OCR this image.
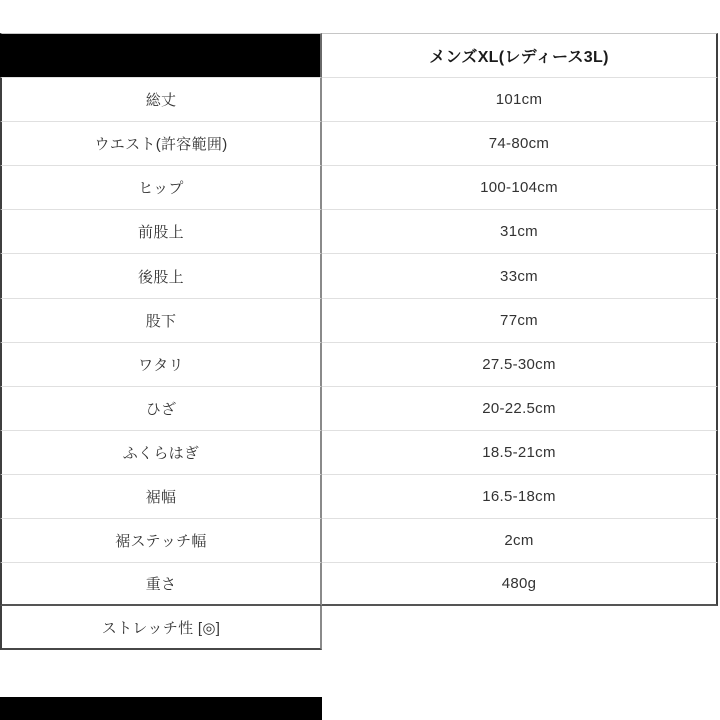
メンズXL(レディース3L)
総丈	101cm
ウエスト(許容範囲)	74-80cm
ヒップ	100-104cm
前股上	31cm
後股上	33cm
股下	77cm
ワタリ	27.5-30cm
ひざ	20-22.5cm
ふくらはぎ	18.5-21cm
裾幅	16.5-18cm
裾ステッチ幅	2cm
重さ	480g
ストレッチ性 [◎]
